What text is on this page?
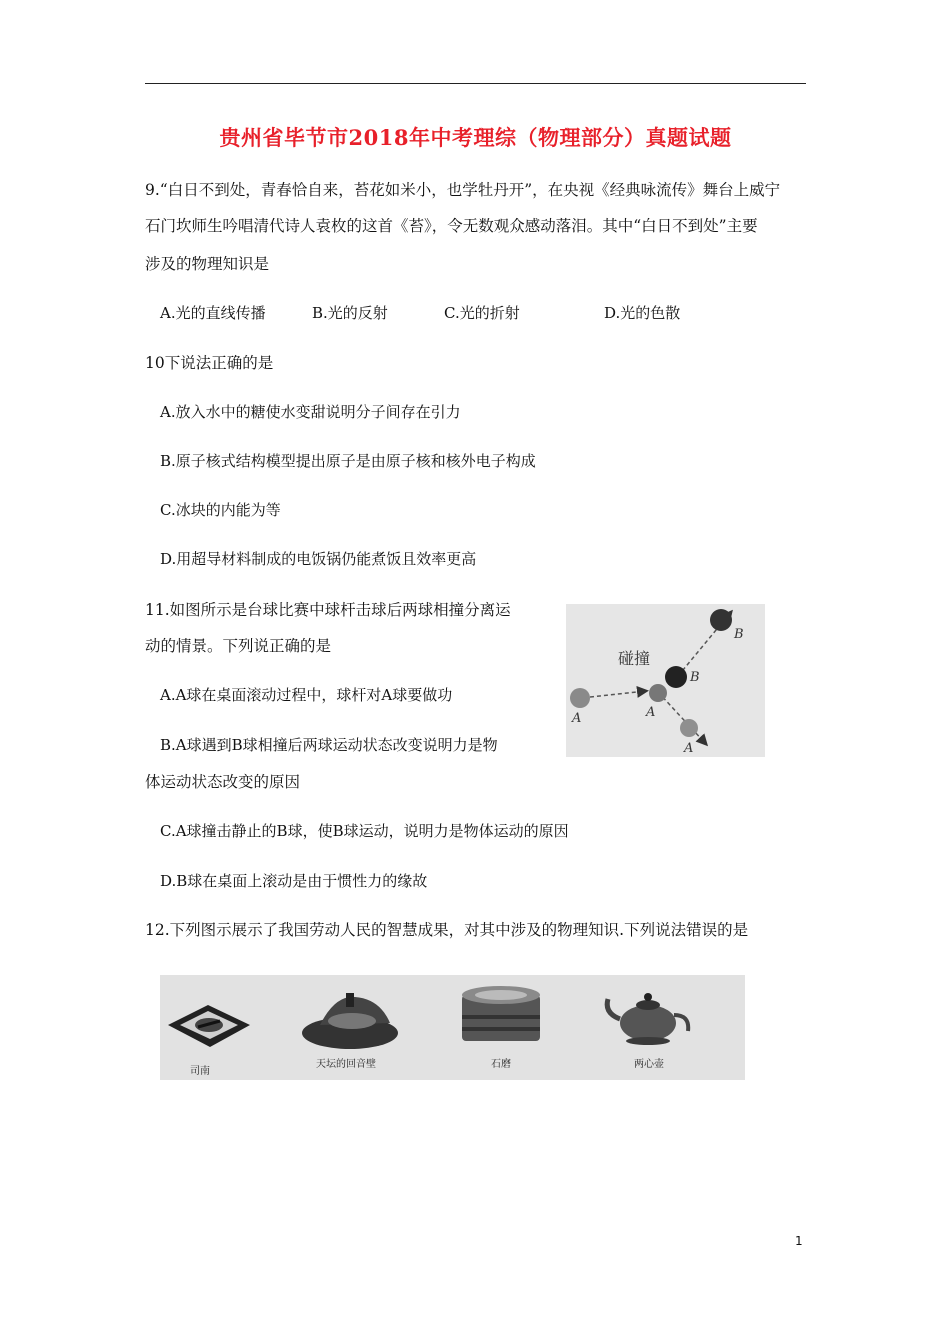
贵州省毕节市2018年中考理综（物理部分）真题试题
9.“白日不到处，青春恰自来，苔花如米小，也学牡丹开”，在央视《经典咏流传》舞台上威宁
石门坎师生吟唱清代诗人袁枚的这首《苔》，令无数观众感动落泪。其中“白日不到处”主要
涉及的物理知识是
A.光的直线传播	B.光的反射	C.光的折射	D.光的色散
10下说法正确的是
A.放入水中的糖使水变甜说明分子间存在引力
B.原子核式结构模型提出原子是由原子核和核外电子构成
C.冰块的内能为等
D.用超导材料制成的电饭锅仍能煮饭且效率更高
11.如图所示是台球比赛中球杆击球后两球相撞分离运
动的情景。下列说正确的是
A.A球在桌面滚动过程中，球杆对A球要做功
B.A球遇到B球相撞后两球运动状态改变说明力是物
体运动状态改变的原因
C.A球撞击静止的B球，使B球运动，说明力是物体运动的原因
D.B球在桌面上滚动是由于惯性力的缘故
碰撞
A	A
A
B
B
12.下列图示展示了我国劳动人民的智慧成果，对其中涉及的物理知识.下列说法错误的是
司南
天坛的回音壁	石磨	两心壶
1
